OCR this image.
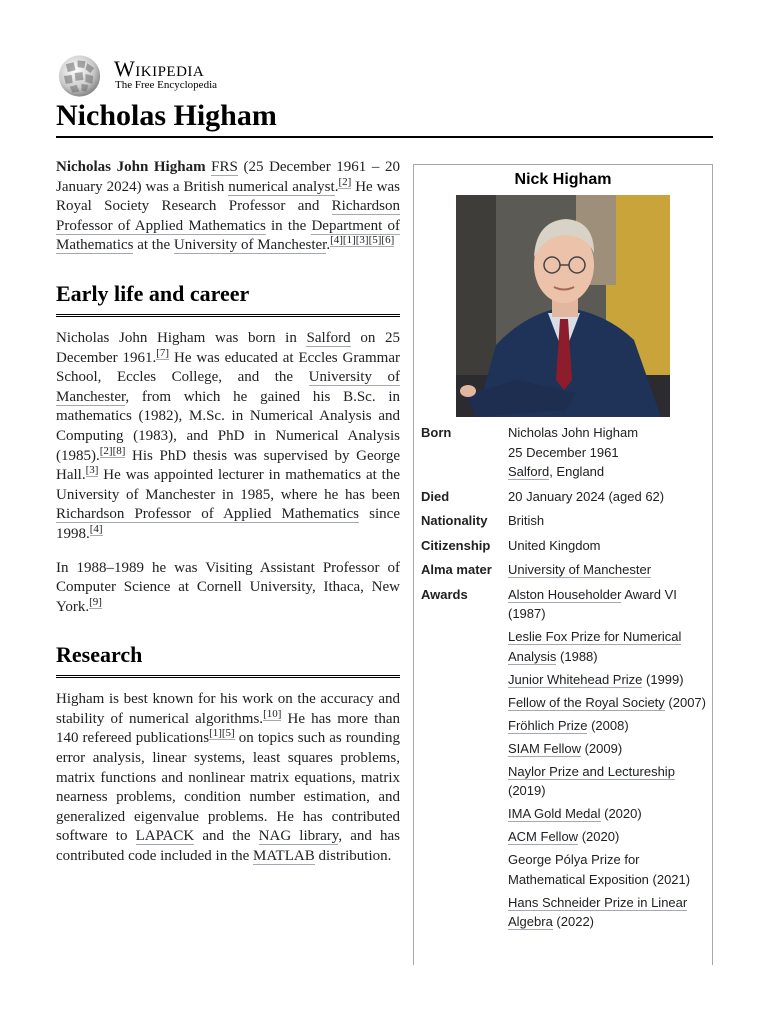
Wikipedia
The Free Encyclopedia
Nicholas Higham

Nicholas John Higham FRS (25 December 1961 – 20 January 2024) was a British numerical analyst.[2] He was Royal Society Research Professor and Richardson Professor of Applied Mathematics in the Department of Mathematics at the University of Manchester.[4][1][3][5][6]

Early life and career

Nicholas John Higham was born in Salford on 25 December 1961.[7] He was educated at Eccles Grammar School, Eccles College, and the University of Manchester, from which he gained his B.Sc. in mathematics (1982), M.Sc. in Numerical Analysis and Computing (1983), and PhD in Numerical Analysis (1985).[2][8] His PhD thesis was supervised by George Hall.[3] He was appointed lecturer in mathematics at the University of Manchester in 1985, where he has been Richardson Professor of Applied Mathematics since 1998.[4]

In 1988–1989 he was Visiting Assistant Professor of Computer Science at Cornell University, Ithaca, New York.[9]

Research

Higham is best known for his work on the accuracy and stability of numerical algorithms.[10] He has more than 140 refereed publications[1][5] on topics such as rounding error analysis, linear systems, least squares problems, matrix functions and nonlinear matrix equations, matrix nearness problems, condition number estimation, and generalized eigenvalue problems. He has contributed software to LAPACK and the NAG library, and has contributed code included in the MATLAB distribution.

Nick Higham
Born	Nicholas John Higham
25 December 1961
Salford, England
Died	20 January 2024 (aged 62)
Nationality	British
Citizenship	United Kingdom
Alma mater	University of Manchester
Awards	Alston Householder Award VI (1987)
Leslie Fox Prize for Numerical Analysis (1988)
Junior Whitehead Prize (1999)
Fellow of the Royal Society (2007)
Fröhlich Prize (2008)
SIAM Fellow (2009)
Naylor Prize and Lectureship (2019)
IMA Gold Medal (2020)
ACM Fellow (2020)
George Pólya Prize for Mathematical Exposition (2021)
Hans Schneider Prize in Linear Algebra (2022)
